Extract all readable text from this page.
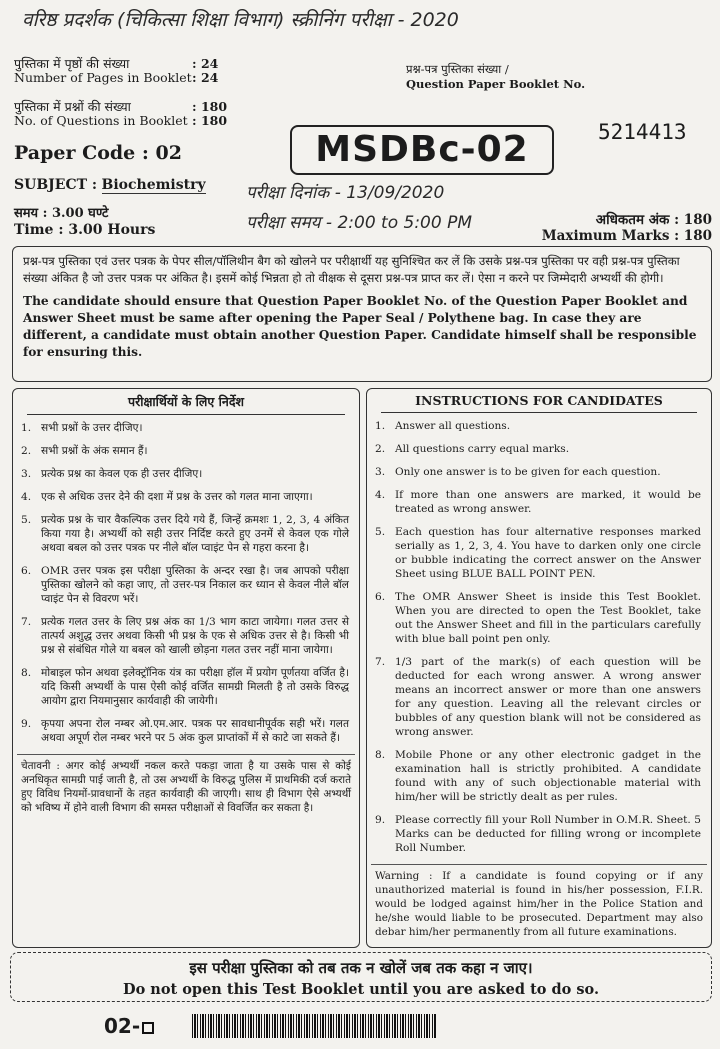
वरिष्ठ प्रदर्शक (चिकित्सा शिक्षा विभाग) स्क्रीनिंग परीक्षा - 2020
पुस्तिका में पृष्ठों की संख्या	: 24
Number of Pages in Booklet : 24
पुस्तिका में प्रश्नों की संख्या	: 180
No. of Questions in Booklet : 180
Paper Code : 02
SUBJECT : Biochemistry
समय : 3.00 घण्टे
Time : 3.00 Hours
प्रश्न-पत्र पुस्तिका संख्या /
Question Paper Booklet No.
5214413
MSDBc-02
परीक्षा दिनांक - 13/09/2020
परीक्षा समय - 2:00 to 5:00 PM	अधिकतम अंक : 180
Maximum Marks : 180
प्रश्न-पत्र पुस्तिका एवं उत्तर पत्रक के पेपर सील/पॉलिथीन बैग को खोलने पर परीक्षार्थी यह सुनिश्चित कर लें कि उसके प्रश्न-पत्र पुस्तिका पर वही प्रश्न-पत्र पुस्तिका संख्या अंकित है जो उत्तर पत्रक पर अंकित है। इसमें कोई भिन्नता हो तो वीक्षक से दूसरा प्रश्न-पत्र प्राप्त कर लें। ऐसा न करने पर जिम्मेदारी अभ्यर्थी की होगी।
The candidate should ensure that Question Paper Booklet No. of the Question Paper Booklet and Answer Sheet must be same after opening the Paper Seal / Polythene bag. In case they are different, a candidate must obtain another Question Paper. Candidate himself shall be responsible for ensuring this.
परीक्षार्थियों के लिए निर्देश
1. सभी प्रश्नों के उत्तर दीजिए।
2. सभी प्रश्नों के अंक समान हैं।
3. प्रत्येक प्रश्न का केवल एक ही उत्तर दीजिए।
4. एक से अधिक उत्तर देने की दशा में प्रश्न के उत्तर को गलत माना जाएगा।
5. प्रत्येक प्रश्न के चार वैकल्पिक उत्तर दिये गये हैं, जिन्हें क्रमशः 1, 2, 3, 4 अंकित किया गया है। अभ्यर्थी को सही उत्तर निर्दिष्ट करते हुए उनमें से केवल एक गोले अथवा बबल को उत्तर पत्रक पर नीले बॉल प्वाइंट पेन से गहरा करना है।
6. OMR उत्तर पत्रक इस परीक्षा पुस्तिका के अन्दर रखा है। जब आपको परीक्षा पुस्तिका खोलने को कहा जाए, तो उत्तर-पत्र निकाल कर ध्यान से केवल नीले बॉल प्वाइंट पेन से विवरण भरें।
7. प्रत्येक गलत उत्तर के लिए प्रश्न अंक का 1/3 भाग काटा जायेगा। गलत उत्तर से तात्पर्य अशुद्ध उत्तर अथवा किसी भी प्रश्न के एक से अधिक उत्तर से है। किसी भी प्रश्न से संबंधित गोले या बबल को खाली छोड़ना गलत उत्तर नहीं माना जायेगा।
8. मोबाइल फोन अथवा इलेक्ट्रॉनिक यंत्र का परीक्षा हॉल में प्रयोग पूर्णतया वर्जित है। यदि किसी अभ्यर्थी के पास ऐसी कोई वर्जित सामग्री मिलती है तो उसके विरुद्ध आयोग द्वारा नियमानुसार कार्यवाही की जायेगी।
9. कृपया अपना रोल नम्बर ओ.एम.आर. पत्रक पर सावधानीपूर्वक सही भरें। गलत अथवा अपूर्ण रोल नम्बर भरने पर 5 अंक कुल प्राप्तांकों में से काटे जा सकते हैं।
चेतावनी : अगर कोई अभ्यर्थी नकल करते पकड़ा जाता है या उसके पास से कोई अनधिकृत सामग्री पाई जाती है, तो उस अभ्यर्थी के विरुद्ध पुलिस में प्राथमिकी दर्ज कराते हुए विविध नियमों-प्रावधानों के तहत कार्यवाही की जाएगी। साथ ही विभाग ऐसे अभ्यर्थी को भविष्य में होने वाली विभाग की समस्त परीक्षाओं से विवर्जित कर सकता है।
INSTRUCTIONS FOR CANDIDATES
1. Answer all questions.
2. All questions carry equal marks.
3. Only one answer is to be given for each question.
4. If more than one answers are marked, it would be treated as wrong answer.
5. Each question has four alternative responses marked serially as 1, 2, 3, 4. You have to darken only one circle or bubble indicating the correct answer on the Answer Sheet using BLUE BALL POINT PEN.
6. The OMR Answer Sheet is inside this Test Booklet. When you are directed to open the Test Booklet, take out the Answer Sheet and fill in the particulars carefully with blue ball point pen only.
7. 1/3 part of the mark(s) of each question will be deducted for each wrong answer. A wrong answer means an incorrect answer or more than one answers for any question. Leaving all the relevant circles or bubbles of any question blank will not be considered as wrong answer.
8. Mobile Phone or any other electronic gadget in the examination hall is strictly prohibited. A candidate found with any of such objectionable material with him/her will be strictly dealt as per rules.
9. Please correctly fill your Roll Number in O.M.R. Sheet. 5 Marks can be deducted for filling wrong or incomplete Roll Number.
Warning : If a candidate is found copying or if any unauthorized material is found in his/her possession, F.I.R. would be lodged against him/her in the Police Station and he/she would liable to be prosecuted. Department may also debar him/her permanently from all future examinations.
इस परीक्षा पुस्तिका को तब तक न खोलें जब तक कहा न जाए।
Do not open this Test Booklet until you are asked to do so.
02-
